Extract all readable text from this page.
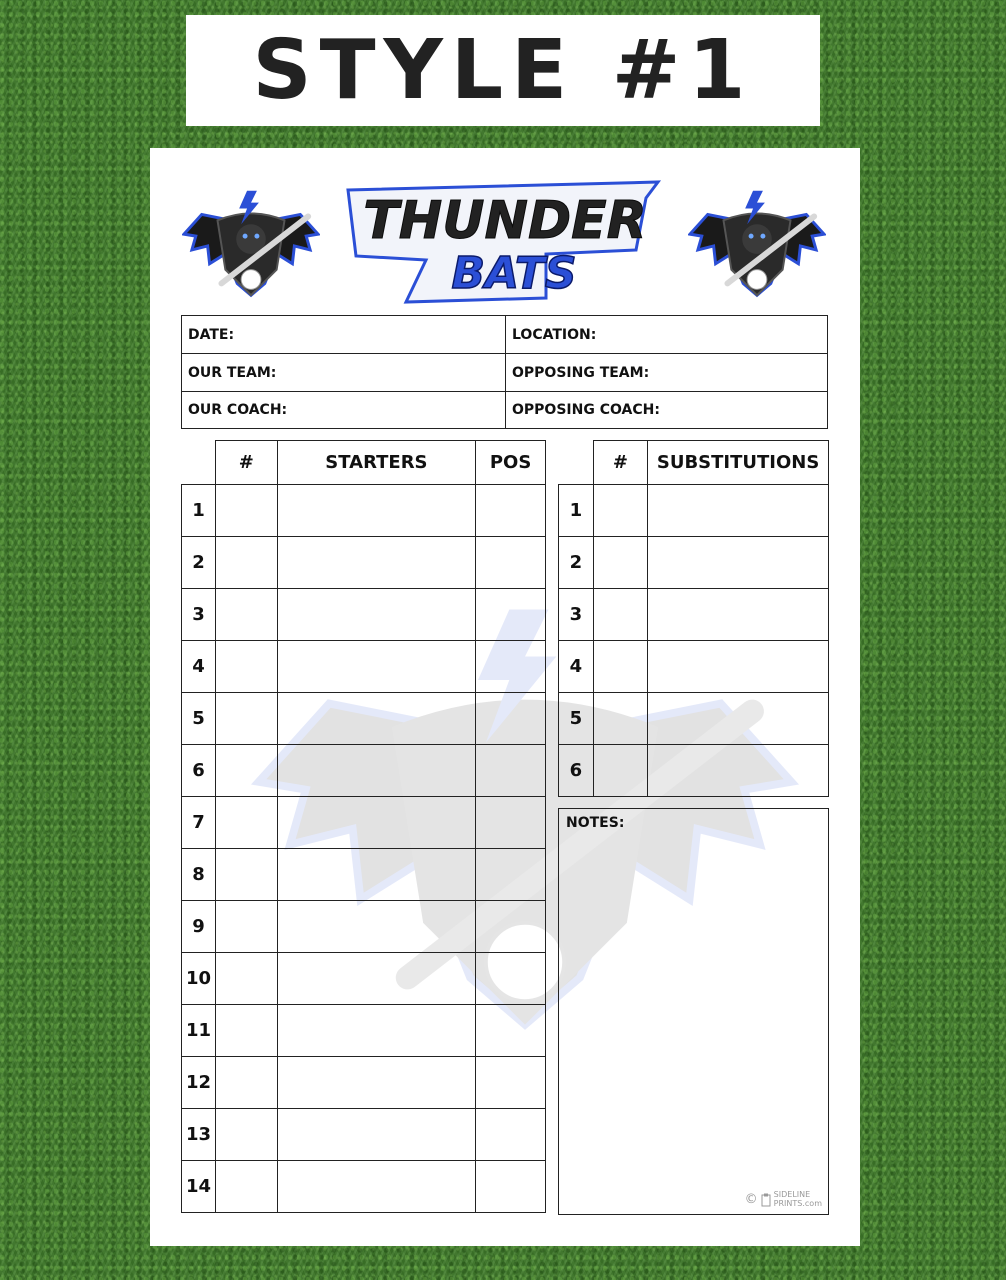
STYLE #1
THUNDER
BATS
DATE:	LOCATION:
OUR TEAM:	OPPOSING TEAM:
OUR COACH:	OPPOSING COACH:
	#	STARTERS	POS
1			
2			
3			
4			
5			
6			
7			
8			
9			
10			
11			
12			
13			
14			
	#	SUBSTITUTIONS
1		
2		
3		
4		
5		
6		
NOTES:
© SIDELINE
PRINTS.com
